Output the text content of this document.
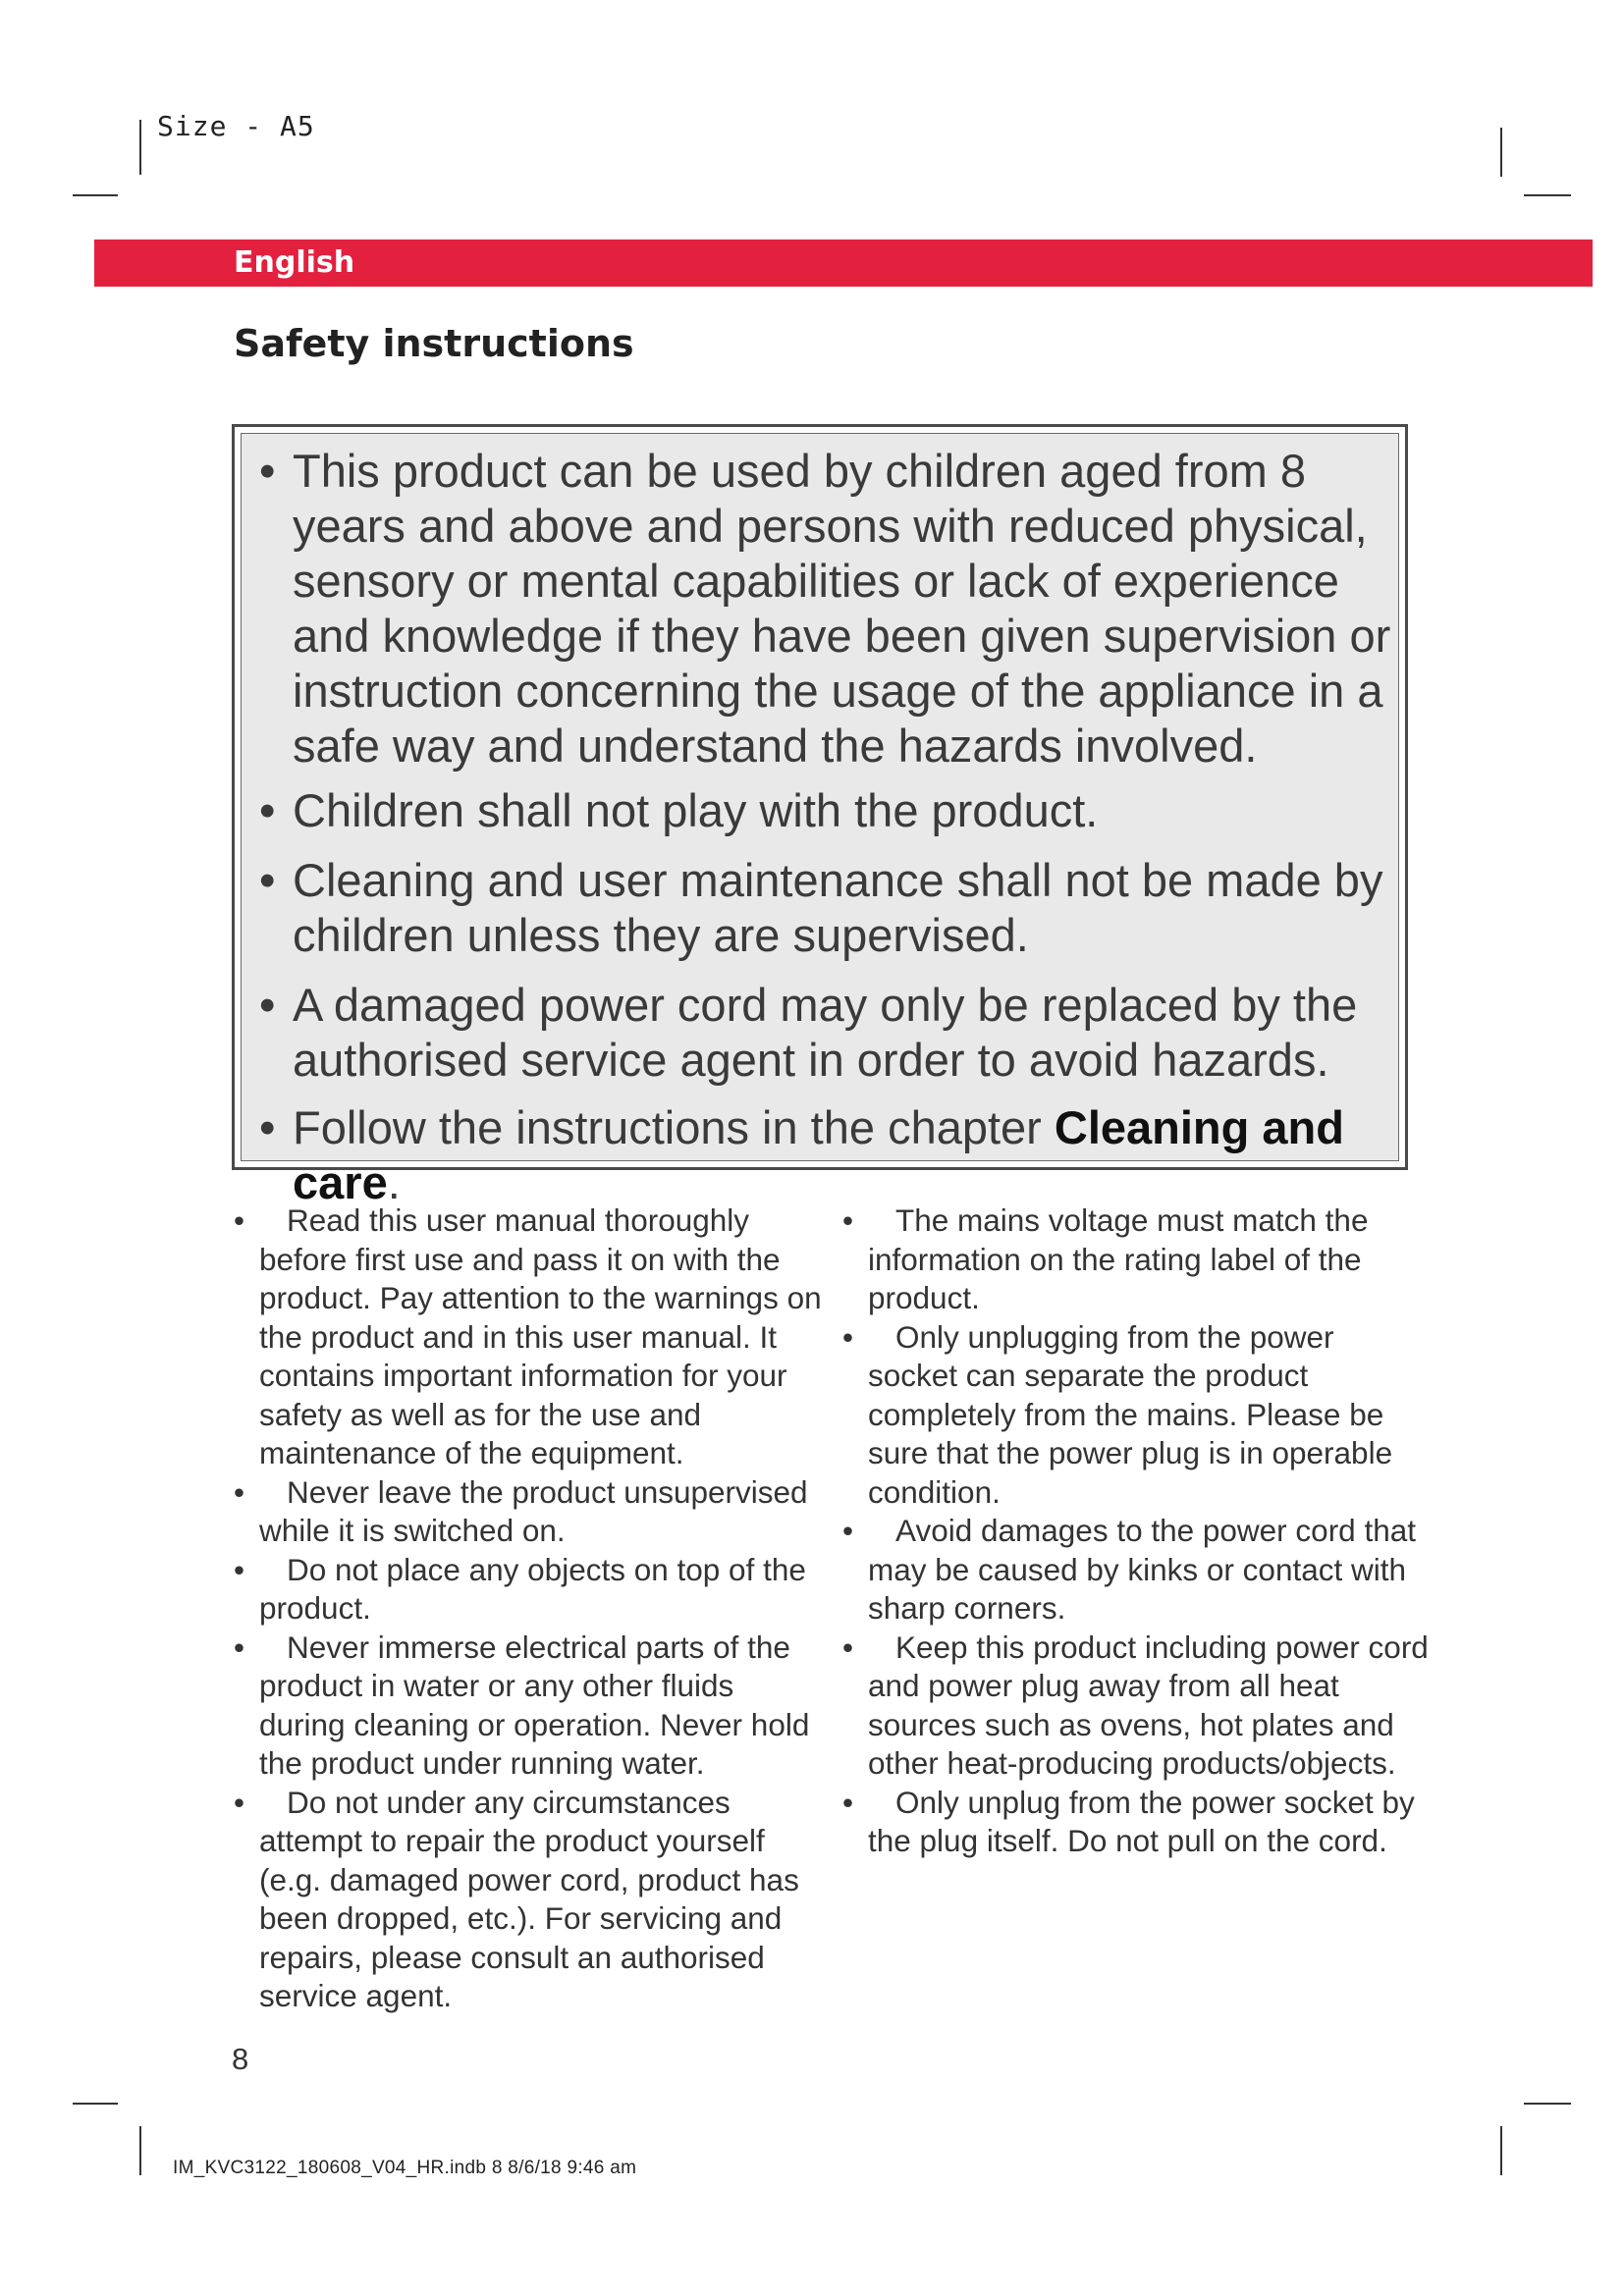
Size - A5
English
Safety instructions
• This product can be used by children aged from 8 years and above and persons with reduced physical, sensory or mental capabilities or lack of experience and knowledge if they have been given supervision or instruction concerning the usage of the appliance in a safe way and understand the hazards involved.
• Children shall not play with the product.
• Cleaning and user maintenance shall not be made by children unless they are supervised.
• A damaged power cord may only be replaced by the authorised service agent in order to avoid hazards.
• Follow the instructions in the chapter Cleaning and care.
• Read this user manual thoroughly before first use and pass it on with the product. Pay attention to the warnings on the product and in this user manual. It contains important information for your safety as well as for the use and maintenance of the equipment.
• Never leave the product unsupervised while it is switched on.
• Do not place any objects on top of the product.
• Never immerse electrical parts of the product in water or any other fluids during cleaning or operation. Never hold the product under running water.
• Do not under any circumstances attempt to repair the product yourself (e.g. damaged power cord, product has been dropped, etc.). For servicing and repairs, please consult an authorised service agent.
• The mains voltage must match the information on the rating label of the product.
• Only unplugging from the power socket can separate the product completely from the mains. Please be sure that the power plug is in operable condition.
• Avoid damages to the power cord that may be caused by kinks or contact with sharp corners.
• Keep this product including power cord and power plug away from all heat sources such as ovens, hot plates and other heat-producing products/objects.
• Only unplug from the power socket by the plug itself. Do not pull on the cord.
8
IM_KVC3122_180608_V04_HR.indb 8 8/6/18 9:46 am
